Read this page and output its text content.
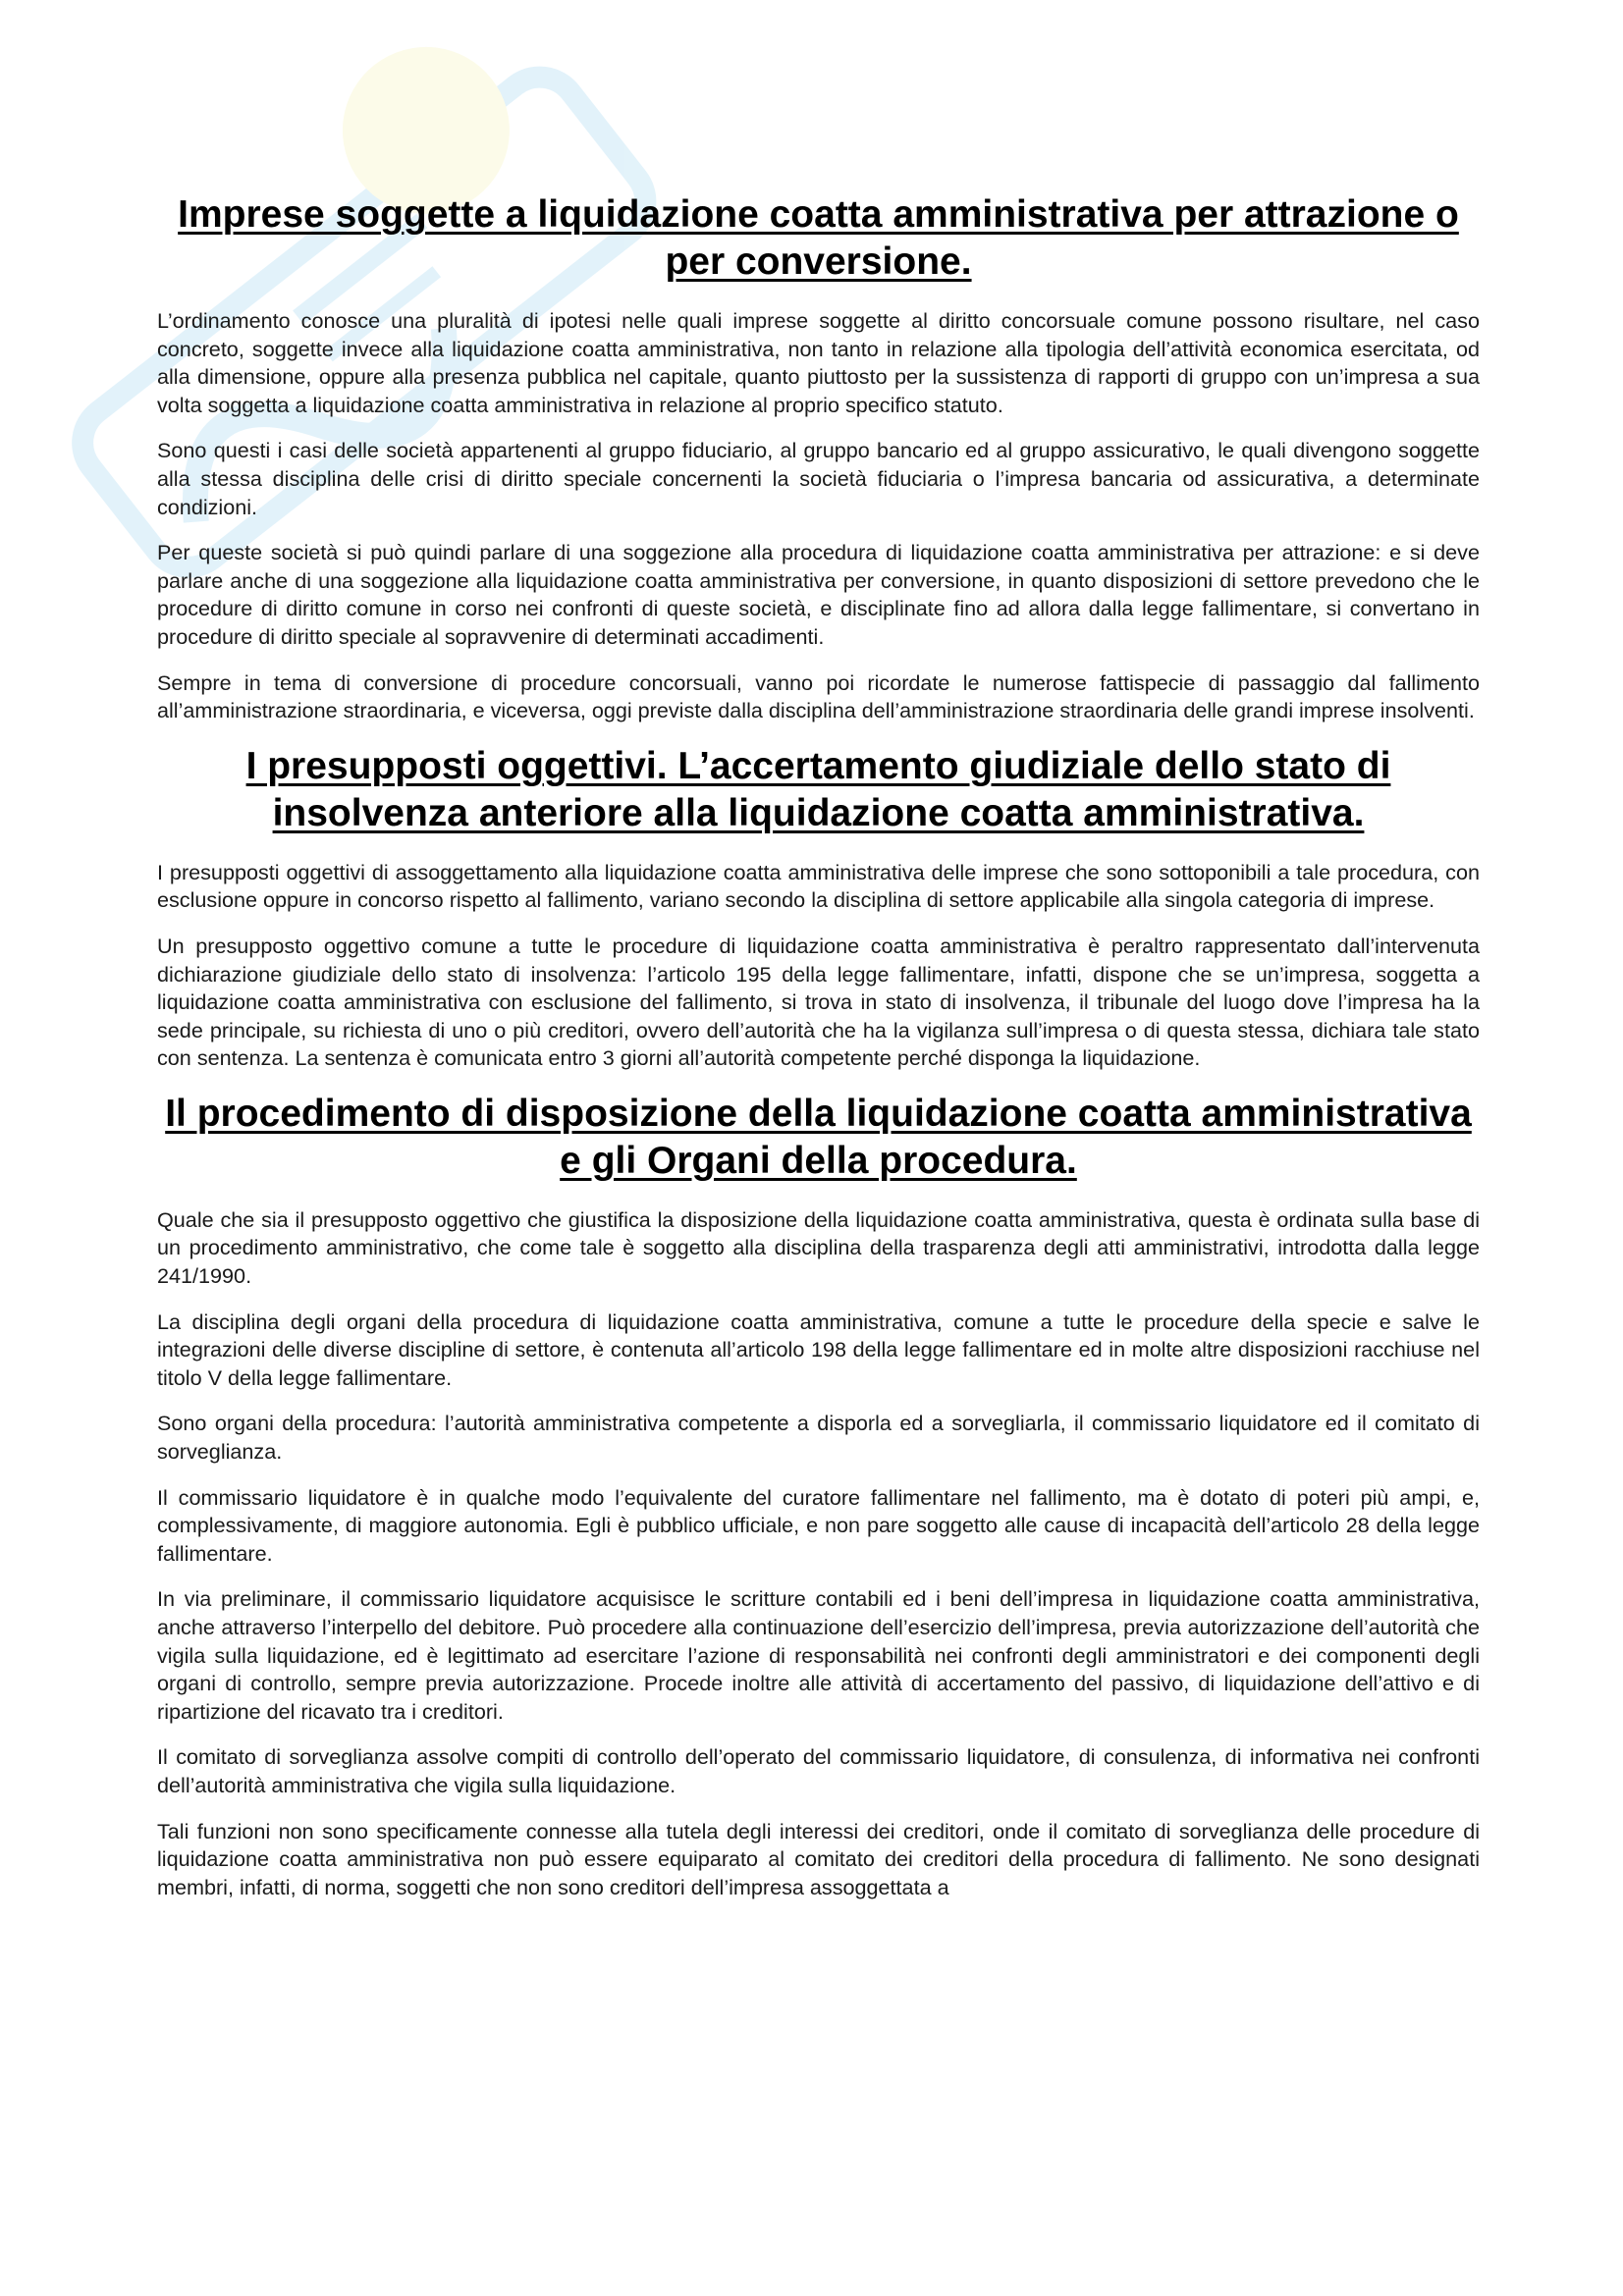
Imprese soggette a liquidazione coatta amministrativa per attrazione o per conversione.

L’ordinamento conosce una pluralità di ipotesi nelle quali imprese soggette al diritto concorsuale comune possono risultare, nel caso concreto, soggette invece alla liquidazione coatta amministrativa, non tanto in relazione alla tipologia dell’attività economica esercitata, od alla dimensione, oppure alla presenza pubblica nel capitale, quanto piuttosto per la sussistenza di rapporti di gruppo con un’impresa a sua volta soggetta a liquidazione coatta amministrativa in relazione al proprio specifico statuto.

Sono questi i casi delle società appartenenti al gruppo fiduciario, al gruppo bancario ed al gruppo assicurativo, le quali divengono soggette alla stessa disciplina delle crisi di diritto speciale concernenti la società fiduciaria o l’impresa bancaria od assicurativa, a determinate condizioni.

Per queste società si può quindi parlare di una soggezione alla procedura di liquidazione coatta amministrativa per attrazione: e si deve parlare anche di una soggezione alla liquidazione coatta amministrativa per conversione, in quanto disposizioni di settore prevedono che le procedure di diritto comune in corso nei confronti di queste società, e disciplinate fino ad allora dalla legge fallimentare, si convertano in procedure di diritto speciale al sopravvenire di determinati accadimenti.

Sempre in tema di conversione di procedure concorsuali, vanno poi ricordate le numerose fattispecie di passaggio dal fallimento all’amministrazione straordinaria, e viceversa, oggi previste dalla disciplina dell’amministrazione straordinaria delle grandi imprese insolventi.

I presupposti oggettivi. L’accertamento giudiziale dello stato di insolvenza anteriore alla liquidazione coatta amministrativa.

I presupposti oggettivi di assoggettamento alla liquidazione coatta amministrativa delle imprese che sono sottoponibili a tale procedura, con esclusione oppure in concorso rispetto al fallimento, variano secondo la disciplina di settore applicabile alla singola categoria di imprese.

Un presupposto oggettivo comune a tutte le procedure di liquidazione coatta amministrativa è peraltro rappresentato dall’intervenuta dichiarazione giudiziale dello stato di insolvenza: l’articolo 195 della legge fallimentare, infatti, dispone che se un’impresa, soggetta a liquidazione coatta amministrativa con esclusione del fallimento, si trova in stato di insolvenza, il tribunale del luogo dove l’impresa ha la sede principale, su richiesta di uno o più creditori, ovvero dell’autorità che ha la vigilanza sull’impresa o di questa stessa, dichiara tale stato con sentenza. La sentenza è comunicata entro 3 giorni all’autorità competente perché disponga la liquidazione.

Il procedimento di disposizione della liquidazione coatta amministrativa e gli Organi della procedura.

Quale che sia il presupposto oggettivo che giustifica la disposizione della liquidazione coatta amministrativa, questa è ordinata sulla base di un procedimento amministrativo, che come tale è soggetto alla disciplina della trasparenza degli atti amministrativi, introdotta dalla legge 241/1990.

La disciplina degli organi della procedura di liquidazione coatta amministrativa, comune a tutte le procedure della specie e salve le integrazioni delle diverse discipline di settore, è contenuta all’articolo 198 della legge fallimentare ed in molte altre disposizioni racchiuse nel titolo V della legge fallimentare.

Sono organi della procedura: l’autorità amministrativa competente a disporla ed a sorvegliarla, il commissario liquidatore ed il comitato di sorveglianza.

Il commissario liquidatore è in qualche modo l’equivalente del curatore fallimentare nel fallimento, ma è dotato di poteri più ampi, e, complessivamente, di maggiore autonomia. Egli è pubblico ufficiale, e non pare soggetto alle cause di incapacità dell’articolo 28 della legge fallimentare.

In via preliminare, il commissario liquidatore acquisisce le scritture contabili ed i beni dell’impresa in liquidazione coatta amministrativa, anche attraverso l’interpello del debitore. Può procedere alla continuazione dell’esercizio dell’impresa, previa autorizzazione dell’autorità che vigila sulla liquidazione, ed è legittimato ad esercitare l’azione di responsabilità nei confronti degli amministratori e dei componenti degli organi di controllo, sempre previa autorizzazione. Procede inoltre alle attività di accertamento del passivo, di liquidazione dell’attivo e di ripartizione del ricavato tra i creditori.

Il comitato di sorveglianza assolve compiti di controllo dell’operato del commissario liquidatore, di consulenza, di informativa nei confronti dell’autorità amministrativa che vigila sulla liquidazione.

Tali funzioni non sono specificamente connesse alla tutela degli interessi dei creditori, onde il comitato di sorveglianza delle procedure di liquidazione coatta amministrativa non può essere equiparato al comitato dei creditori della procedura di fallimento. Ne sono designati membri, infatti, di norma, soggetti che non sono creditori dell’impresa assoggettata a
